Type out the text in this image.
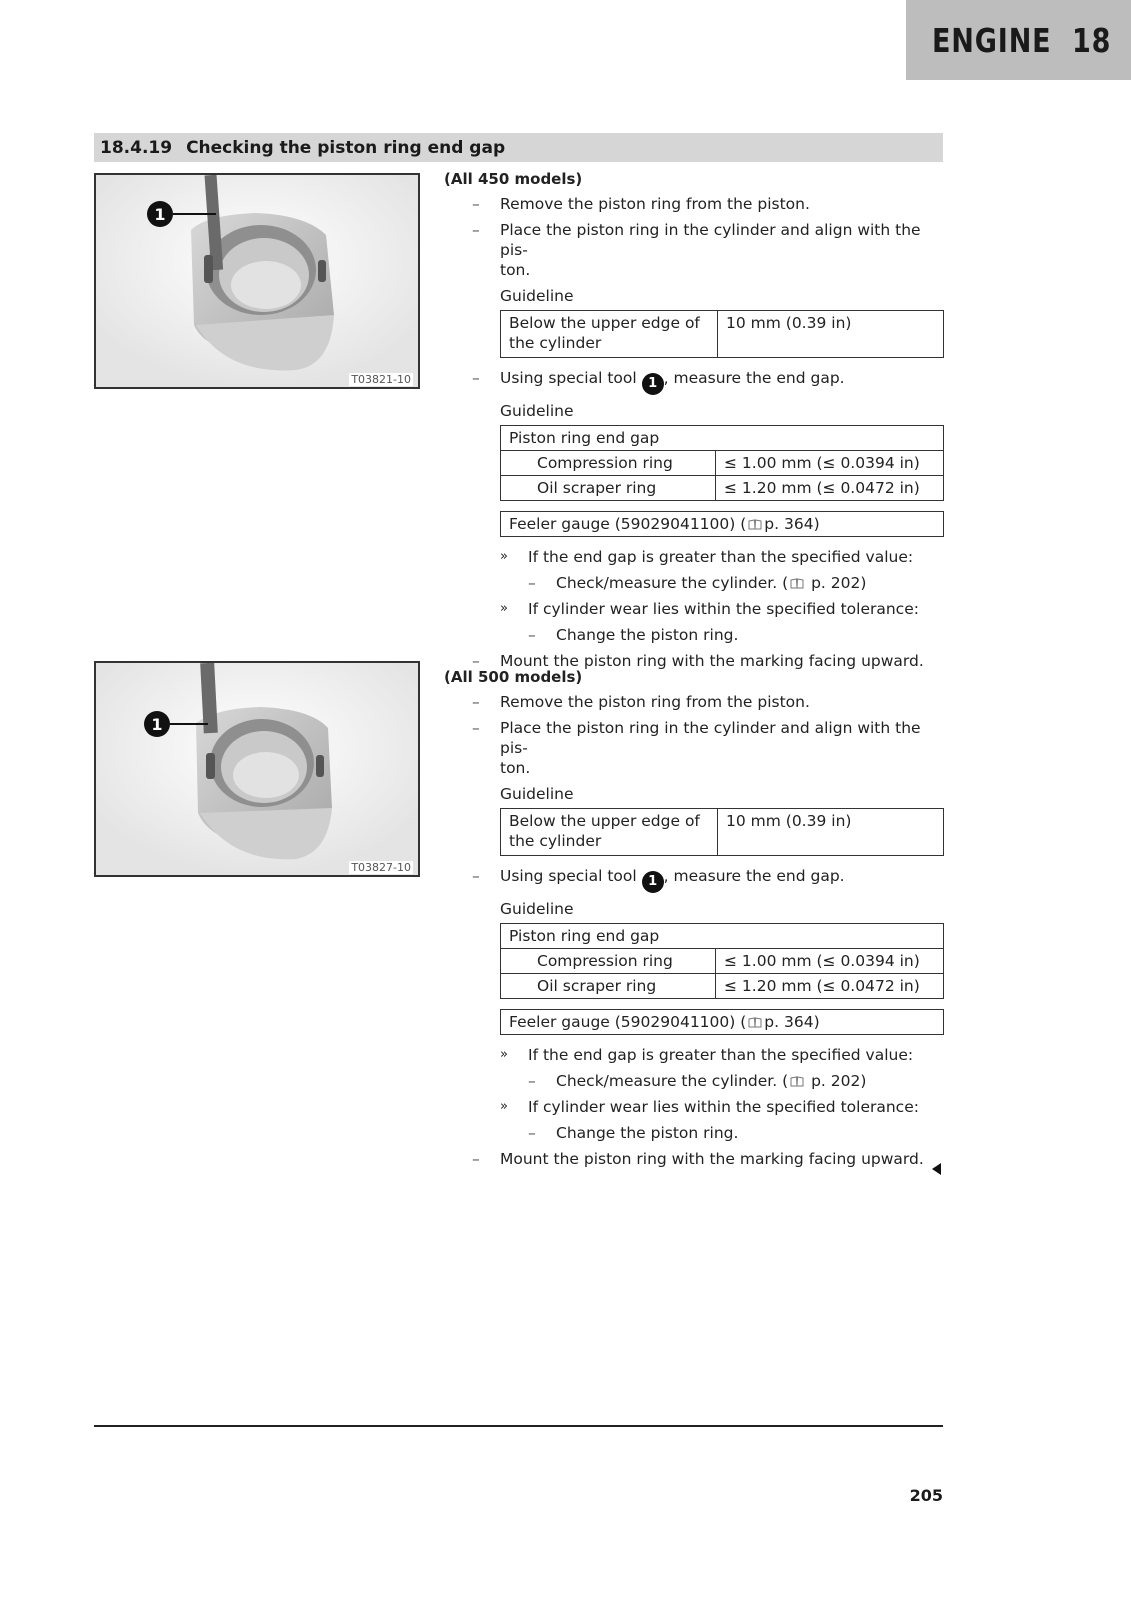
ENGINE 18
18.4.19 Checking the piston ring end gap
1
T03821-10
1
T03827-10
(All 450 models)
– Remove the piston ring from the piston.
– Place the piston ring in the cylinder and align with the pis-
ton.
Guideline
Below the upper edge of
the cylinder	10 mm (0.39 in)
– Using special tool 1 , measure the end gap.
Guideline
Piston ring end gap	
Compression ring	≤ 1.00 mm (≤ 0.0394 in)
Oil scraper ring	≤ 1.20 mm (≤ 0.0472 in)
Feeler gauge (59029041100) ( p. 364)
» If the end gap is greater than the specified value:
– Check/measure the cylinder. ( p. 202)
» If cylinder wear lies within the specified tolerance:
– Change the piston ring.
– Mount the piston ring with the marking facing upward.
(All 500 models)
– Remove the piston ring from the piston.
– Place the piston ring in the cylinder and align with the pis-
ton.
Guideline
Below the upper edge of
the cylinder	10 mm (0.39 in)
– Using special tool 1 , measure the end gap.
Guideline
Piston ring end gap	
Compression ring	≤ 1.00 mm (≤ 0.0394 in)
Oil scraper ring	≤ 1.20 mm (≤ 0.0472 in)
Feeler gauge (59029041100) ( p. 364)
» If the end gap is greater than the specified value:
– Check/measure the cylinder. ( p. 202)
» If cylinder wear lies within the specified tolerance:
– Change the piston ring.
– Mount the piston ring with the marking facing upward.
205
